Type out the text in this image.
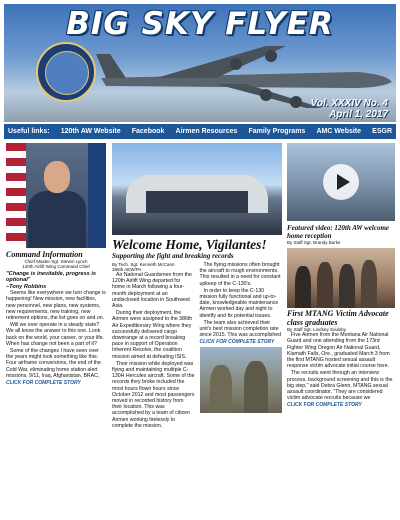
BIG SKY FLYER
Vol. XXXIV No. 4
April 1, 2017
Useful links: 120th AW Website Facebook Airmen Resources Family Programs AMC Website ESGR
Command Information
Chief Master Sgt. Steven Lynch
120th Airlift Wing Command Chief
"Change is inevitable, progress is optional"
–Tony Robbins

Seems like everywhere we turn change is happening! New mission, new facilities, new personnel, new plans, new systems, new requirements, new training, new retirement options, the list goes on and on.

Will we ever operate in a steady state? We all know the answer to this one. Look back on the world, your career, or your life. When has change not been a part of it?

Some of the changes I have seen over the years might look something like this: Four airframe conversions, the end of the Cold War, eliminating home station alert missions, 9/11, Iraq, Afghanistan, BRAC,

CLICK FOR COMPLETE STORY
Welcome Home, Vigilantes!
Supporting the fight and breaking records
By Tech. Sgt. Kenneth McCann
386th AEW/PA

Air National Guardsmen from the 120th Airlift Wing departed for home in March following a four-month deployment at an undisclosed location in Southwest Asia.

During their deployment, the Airmen were assigned to the 386th Air Expeditionary Wing where they successfully delivered cargo downrange at a record breaking pace in support of Operation Inherent Resolve, the coalition mission aimed at defeating ISIS.

Their mission while deployed was flying and maintaining multiple C-130H Hercules aircraft. Some of the records they broke included the most hours flown hours since October 2012 and most passengers moved in recorded history from their location. This was accomplished by a team of citizen Airmen working tirelessly to complete the mission.

The flying missions often brought the aircraft to rough environments. This resulted in a need for constant upkeep of the C-130's.

In order to keep the C-130 mission fully functional and up-to-date, knowledgeable maintenance Airmen worked day and night to identify and fix potential issues.

The team also achieved their unit's best mission completion rate since 2015. This was accomplished

CLICK FOR COMPLETE STORY
Featured video: 120th AW welcome home reception
By Staff Sgt. Brandy Burke
First MTANG Victim Advocate class graduates
By Staff Sgt. Lindsey Soulsby

Five Airmen from the Montana Air National Guard and one attending from the 173rd Fighter Wing Oregon Air National Guard, Klamath Falls, Ore., graduated March 3 from the first MTANG hosted sexual assault response victim advocate initial course here.

The recruits went through an interview process, background screening and this is the big step," said Debra Glenn, MTANG sexual assault coordinator. "They are considered victim advocate recruits because we

CLICK FOR COMPLETE STORY
